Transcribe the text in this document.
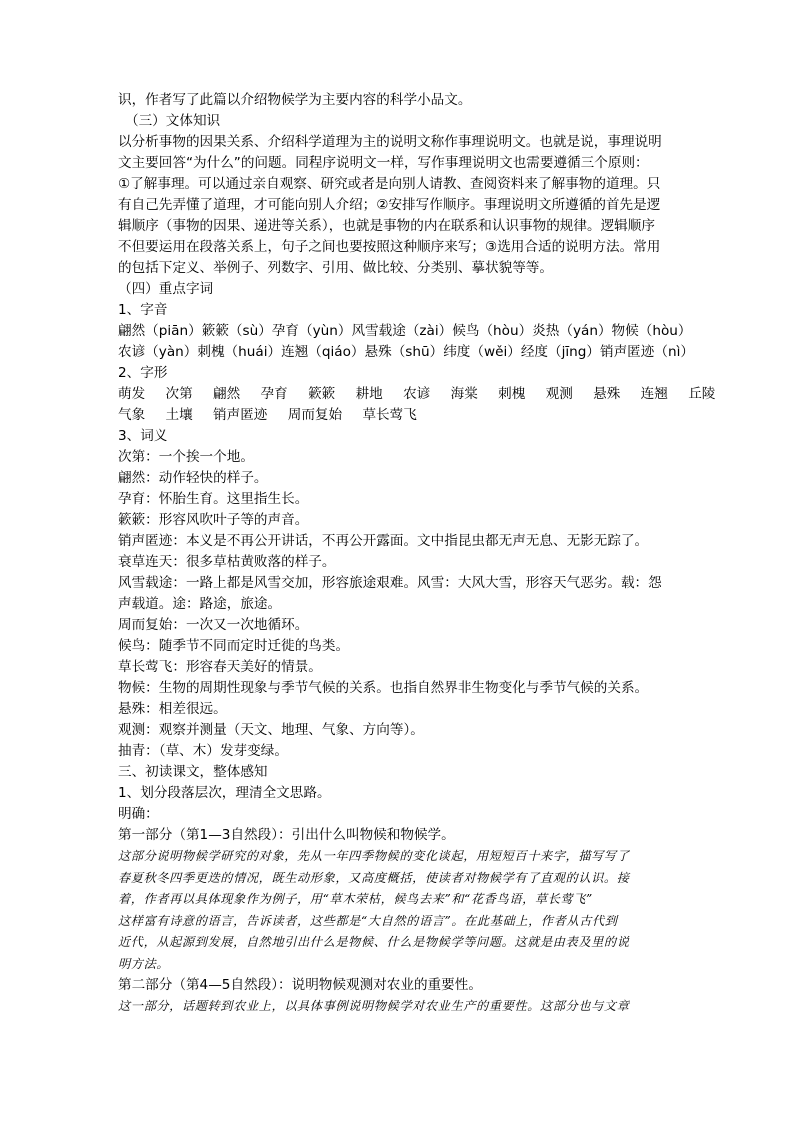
识，作者写了此篇以介绍物候学为主要内容的科学小品文。
（三）文体知识
以分析事物的因果关系、介绍科学道理为主的说明文称作事理说明文。也就是说，事理说明
文主要回答“为什么”的问题。同程序说明文一样，写作事理说明文也需要遵循三个原则：
①了解事理。可以通过亲自观察、研究或者是向别人请教、查阅资料来了解事物的道理。只
有自己先弄懂了道理，才可能向别人介绍；②安排写作顺序。事理说明文所遵循的首先是逻
辑顺序（事物的因果、递进等关系），也就是事物的内在联系和认识事物的规律。逻辑顺序
不但要运用在段落关系上，句子之间也要按照这种顺序来写；③选用合适的说明方法。常用
的包括下定义、举例子、列数字、引用、做比较、分类别、摹状貌等等。
（四）重点字词
1、字音
翩然（piān）簌簌（sù）孕育（yùn）风雪载途（zài）候鸟（hòu）炎热（yán）物候（hòu）
农谚（yàn）刺槐（huái）连翘（qiáo）悬殊（shū）纬度（wěi）经度（jīng）销声匿迹（nì）
2、字形
萌发 次第 翩然 孕育 簌簌 耕地 农谚 海棠 刺槐 观测 悬殊 连翘 丘陵
气象 土壤 销声匿迹 周而复始 草长莺飞
3、词义
次第：一个挨一个地。
翩然：动作轻快的样子。
孕育：怀胎生育。这里指生长。
簌簌：形容风吹叶子等的声音。
销声匿迹：本义是不再公开讲话，不再公开露面。文中指昆虫都无声无息、无影无踪了。
衰草连天：很多草枯黄败落的样子。
风雪载途：一路上都是风雪交加，形容旅途艰难。风雪：大风大雪，形容天气恶劣。载：怨
声载道。途：路途，旅途。
周而复始：一次又一次地循环。
候鸟：随季节不同而定时迁徙的鸟类。
草长莺飞：形容春天美好的情景。
物候：生物的周期性现象与季节气候的关系。也指自然界非生物变化与季节气候的关系。
悬殊：相差很远。
观测：观察并测量（天文、地理、气象、方向等）。
抽青：（草、木）发芽变绿。
三、初读课文，整体感知
1、划分段落层次，理清全文思路。
明确：
第一部分（第1—3自然段）：引出什么叫物候和物候学。
这部分说明物候学研究的对象，先从一年四季物候的变化谈起，用短短百十来字，描写写了
春夏秋冬四季更迭的情况，既生动形象，又高度概括，使读者对物候学有了直观的认识。接
着，作者再以具体现象作为例子，用“草木荣枯，候鸟去来”和“花香鸟语，草长莺飞”
这样富有诗意的语言，告诉读者，这些都是“大自然的语言”。在此基础上，作者从古代到
近代，从起源到发展，自然地引出什么是物候、什么是物候学等问题。这就是由表及里的说
明方法。
第二部分（第4—5自然段）：说明物候观测对农业的重要性。
这一部分，话题转到农业上，以具体事例说明物候学对农业生产的重要性。这部分也与文章
